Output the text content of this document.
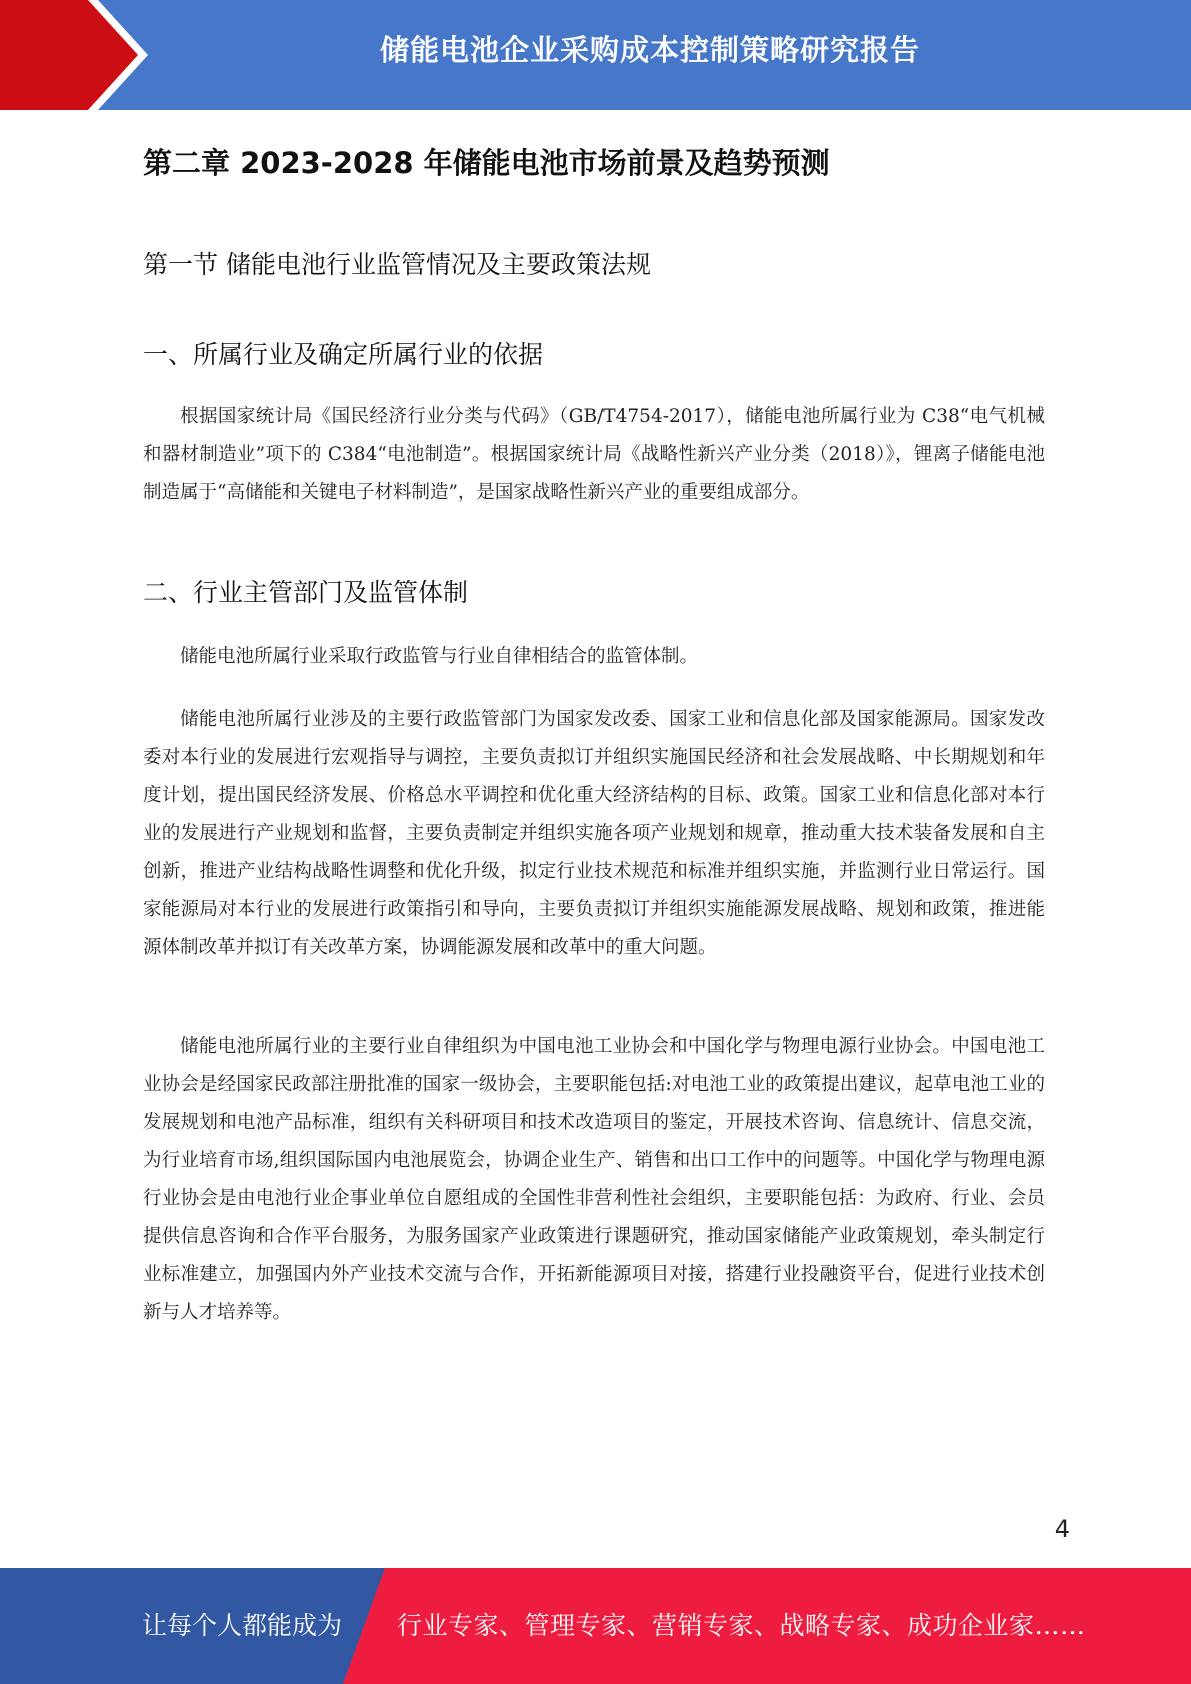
储能电池企业采购成本控制策略研究报告
第二章 2023-2028 年储能电池市场前景及趋势预测
第一节 储能电池行业监管情况及主要政策法规
一、所属行业及确定所属行业的依据

根据国家统计局《国民经济行业分类与代码》（GB/T4754-2017），储能电池所属行业为 C38“电气机械和器材制造业”项下的 C384“电池制造”。根据国家统计局《战略性新兴产业分类（2018）》，锂离子储能电池制造属于“高储能和关键电子材料制造”，是国家战略性新兴产业的重要组成部分。

二、行业主管部门及监管体制

储能电池所属行业采取行政监管与行业自律相结合的监管体制。

储能电池所属行业涉及的主要行政监管部门为国家发改委、国家工业和信息化部及国家能源局。国家发改委对本行业的发展进行宏观指导与调控，主要负责拟订并组织实施国民经济和社会发展战略、中长期规划和年度计划，提出国民经济发展、价格总水平调控和优化重大经济结构的目标、政策。国家工业和信息化部对本行业的发展进行产业规划和监督，主要负责制定并组织实施各项产业规划和规章，推动重大技术装备发展和自主创新，推进产业结构战略性调整和优化升级，拟定行业技术规范和标准并组织实施，并监测行业日常运行。国家能源局对本行业的发展进行政策指引和导向，主要负责拟订并组织实施能源发展战略、规划和政策，推进能源体制改革并拟订有关改革方案，协调能源发展和改革中的重大问题。

储能电池所属行业的主要行业自律组织为中国电池工业协会和中国化学与物理电源行业协会。中国电池工业协会是经国家民政部注册批准的国家一级协会，主要职能包括:对电池工业的政策提出建议，起草电池工业的发展规划和电池产品标准，组织有关科研项目和技术改造项目的鉴定，开展技术咨询、信息统计、信息交流，为行业培育市场,组织国际国内电池展览会，协调企业生产、销售和出口工作中的问题等。中国化学与物理电源行业协会是由电池行业企事业单位自愿组成的全国性非营利性社会组织，主要职能包括：为政府、行业、会员提供信息咨询和合作平台服务，为服务国家产业政策进行课题研究，推动国家储能产业政策规划，牵头制定行业标准建立，加强国内外产业技术交流与合作，开拓新能源项目对接，搭建行业投融资平台，促进行业技术创新与人才培养等。

4
让每个人都能成为 行业专家、管理专家、营销专家、战略专家、成功企业家……
